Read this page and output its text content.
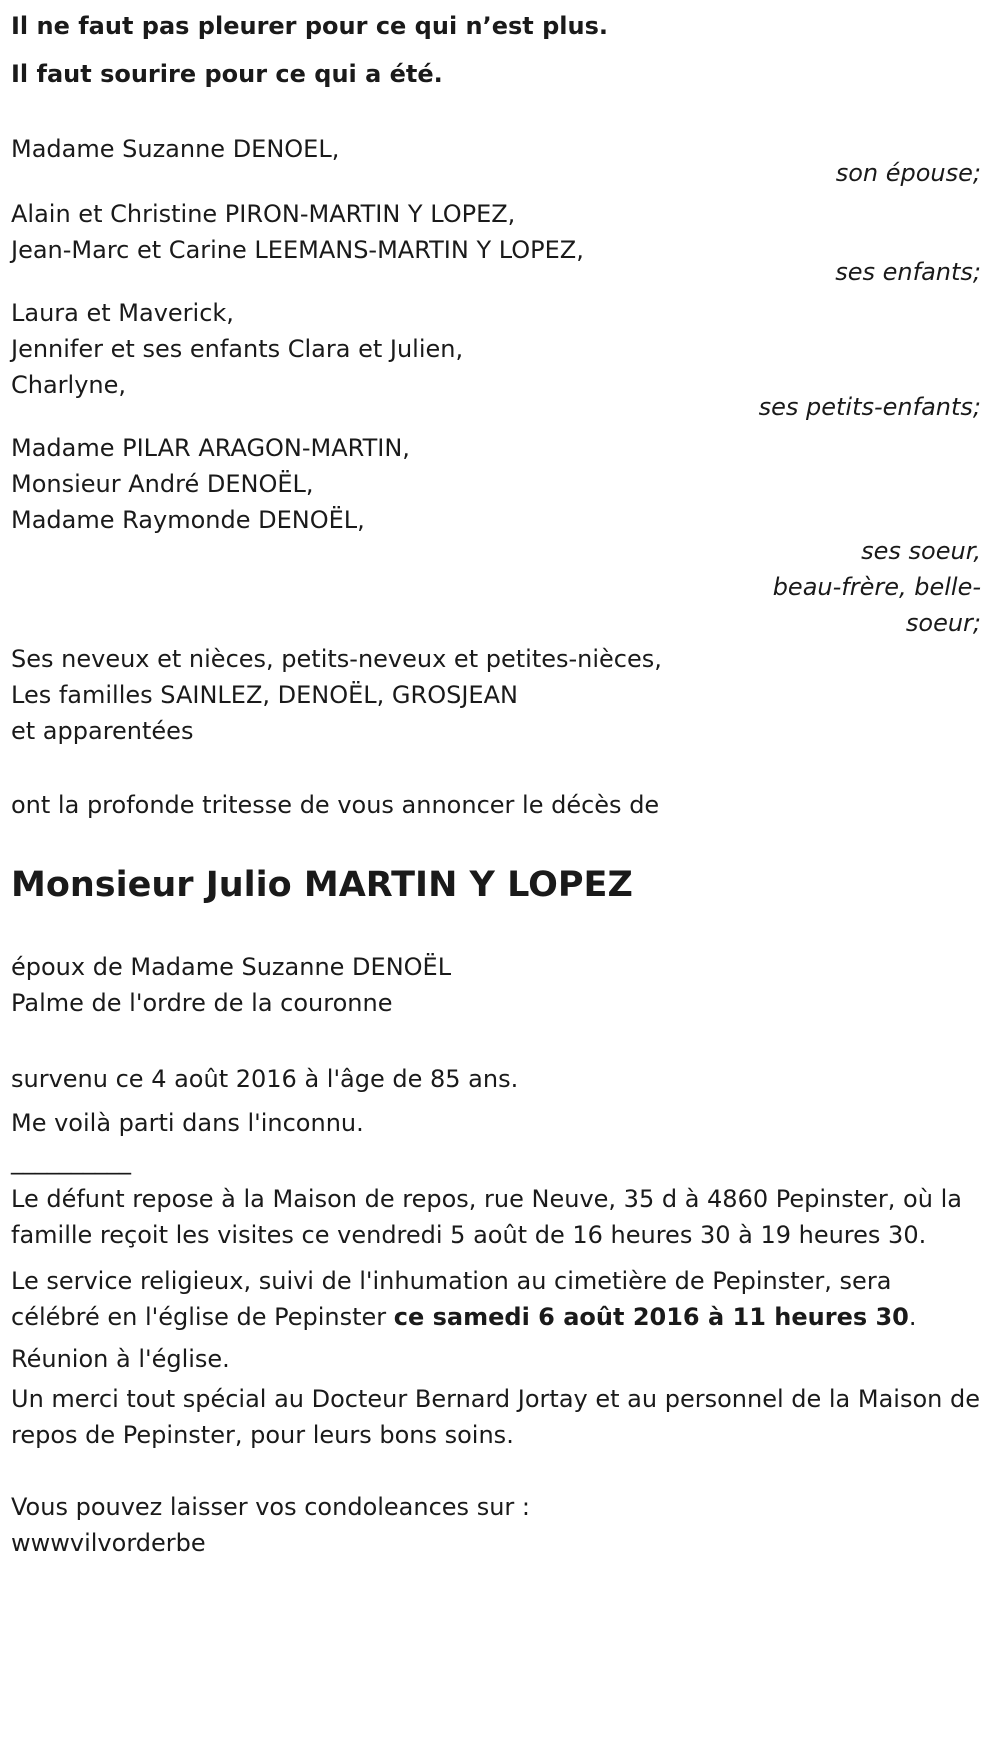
Il ne faut pas pleurer pour ce qui n’est plus.
Il faut sourire pour ce qui a été.
Madame Suzanne DENOEL,
son épouse;
Alain et Christine PIRON-MARTIN Y LOPEZ,
Jean-Marc et Carine LEEMANS-MARTIN Y LOPEZ,
ses enfants;
Laura et Maverick,
Jennifer et ses enfants Clara et Julien,
Charlyne,
ses petits-enfants;
Madame PILAR ARAGON-MARTIN,
Monsieur André DENOËL,
Madame Raymonde DENOËL,
ses soeur,
beau-frère, belle-
soeur;
Ses neveux et nièces, petits-neveux et petites-nièces,
Les familles SAINLEZ, DENOËL, GROSJEAN
et apparentées
ont la profonde tritesse de vous annoncer le décès de
Monsieur Julio MARTIN Y LOPEZ
époux de Madame Suzanne DENOËL
Palme de l'ordre de la couronne
survenu ce 4 août 2016 à l'âge de 85 ans.
Me voilà parti dans l'inconnu.
__________
Le défunt repose à la Maison de repos, rue Neuve, 35 d à 4860 Pepinster, où la famille reçoit les visites ce vendredi 5 août de 16 heures 30 à 19 heures 30.
Le service religieux, suivi de l'inhumation au cimetière de Pepinster, sera célébré en l'église de Pepinster ce samedi 6 août 2016 à 11 heures 30.
Réunion à l'église.
Un merci tout spécial au Docteur Bernard Jortay et au personnel de la Maison de repos de Pepinster, pour leurs bons soins.
Vous pouvez laisser vos condoleances sur :
wwwvilvorderbe
